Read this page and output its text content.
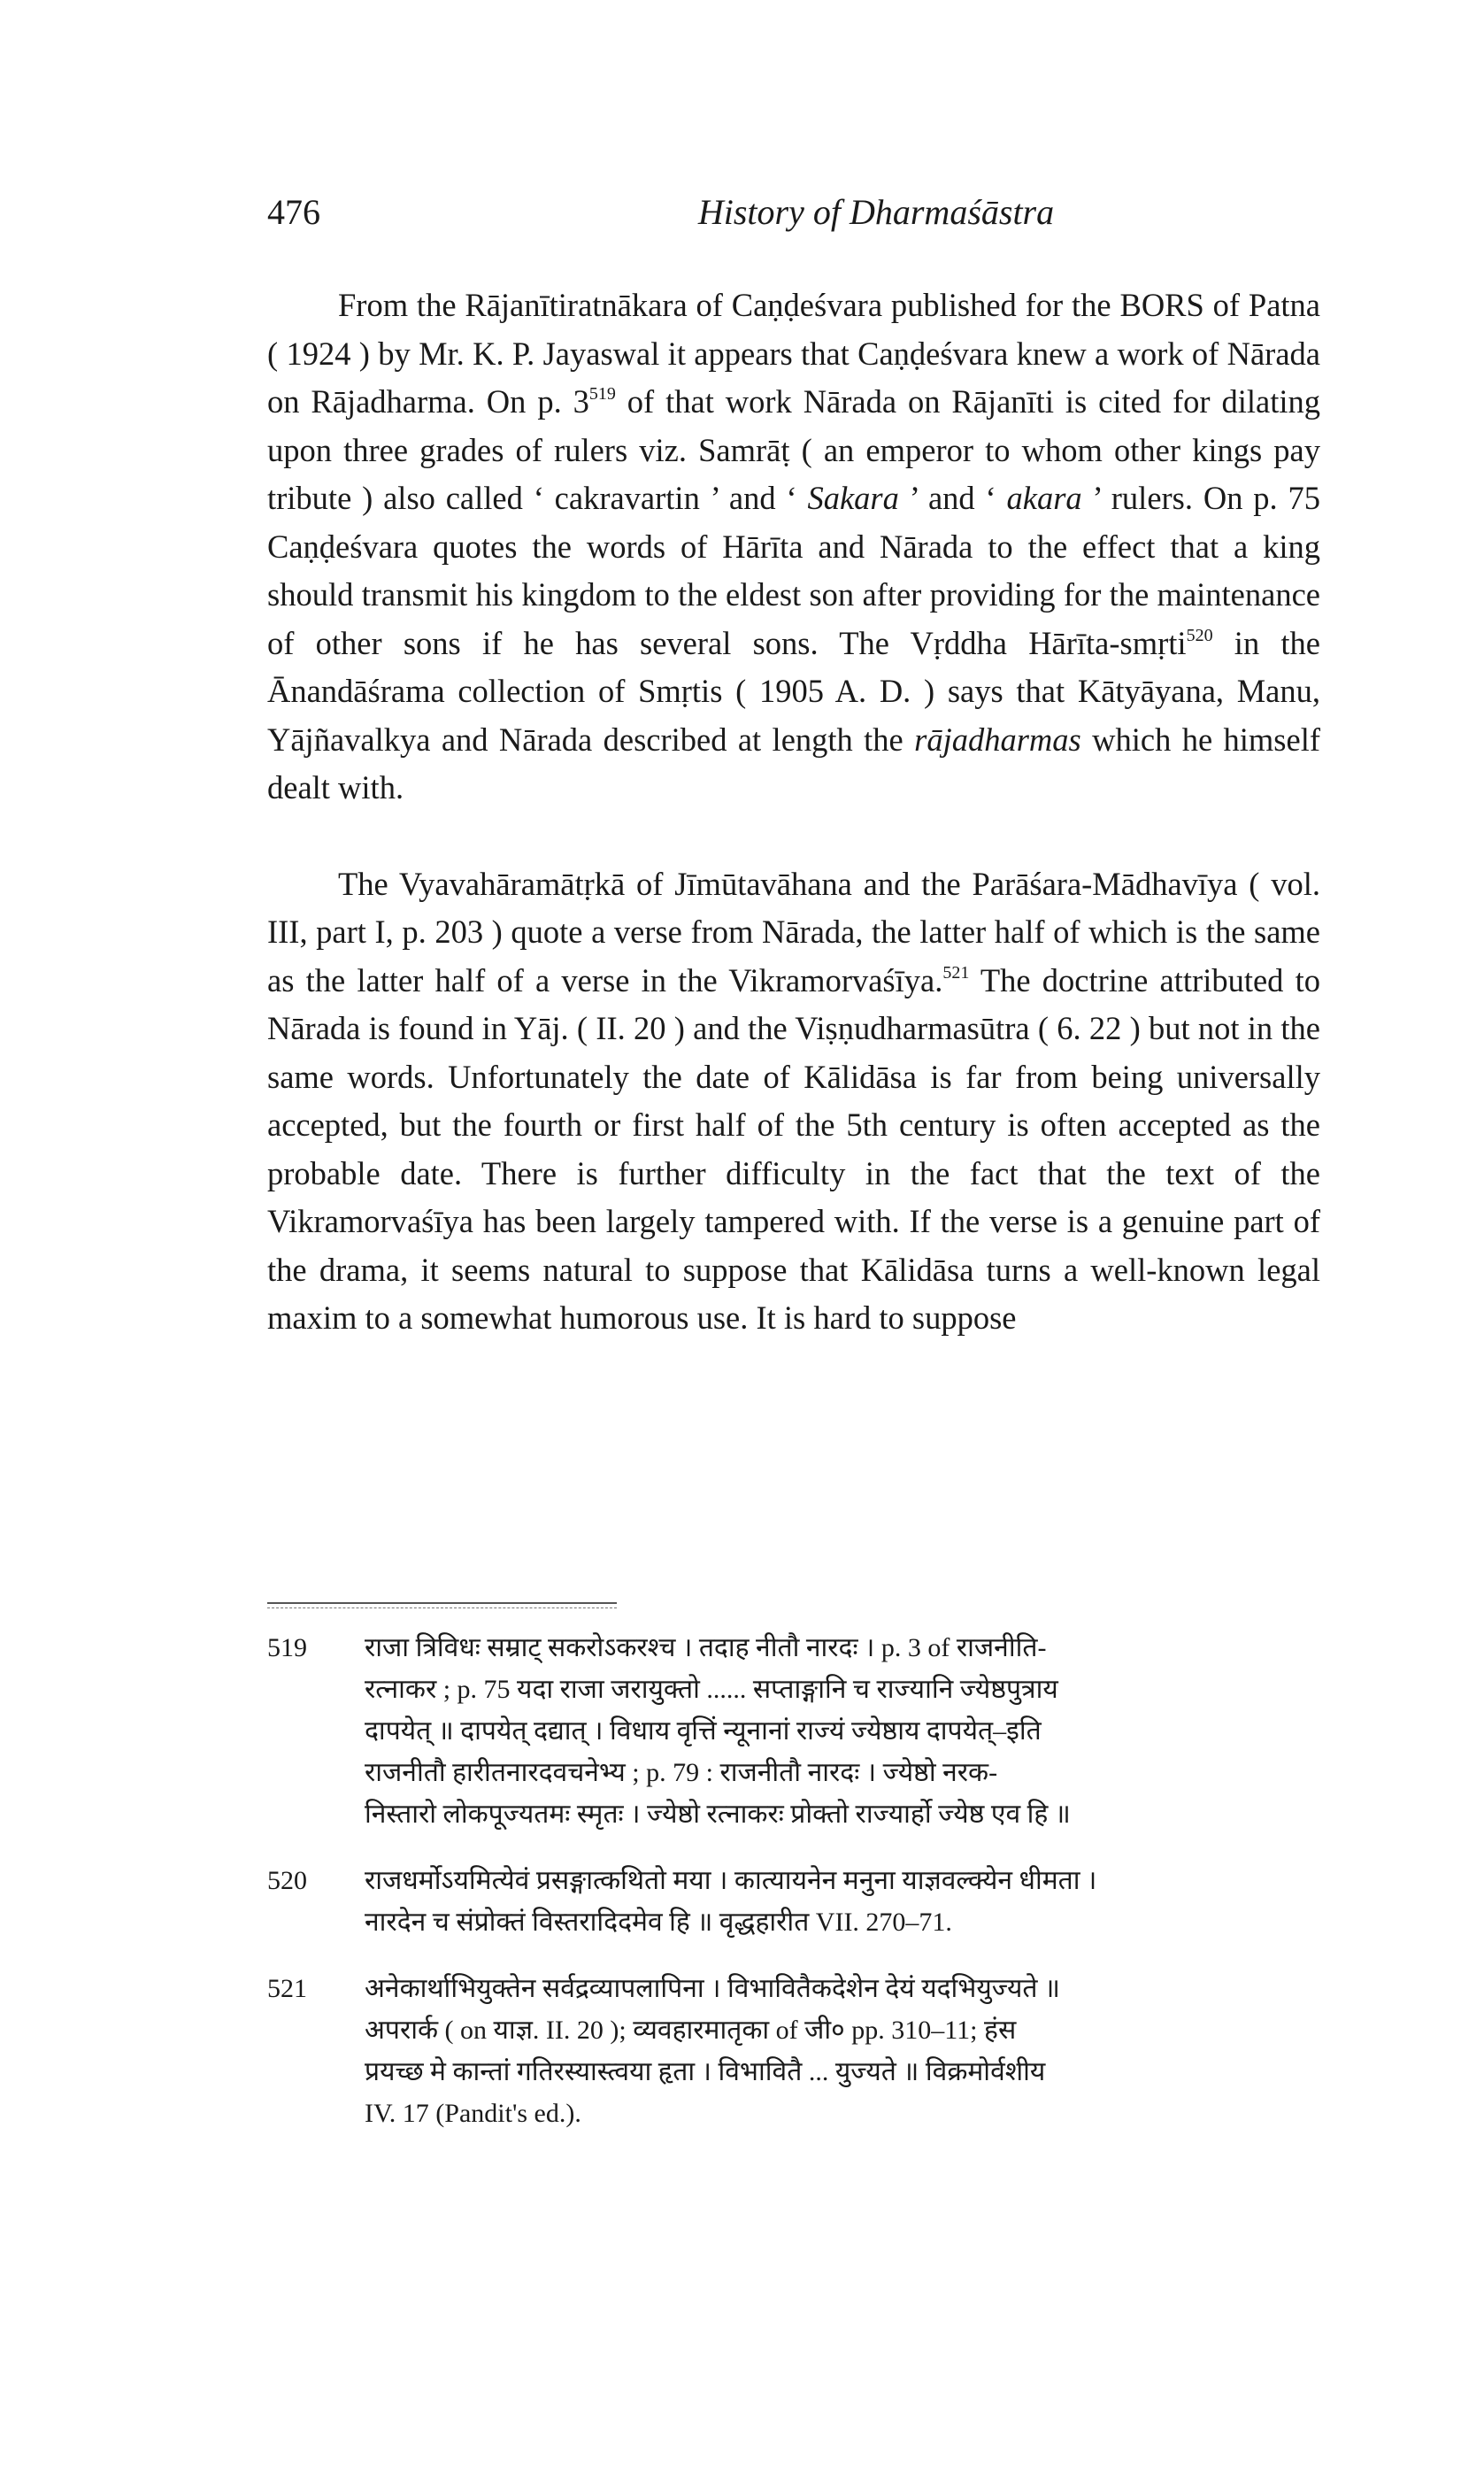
476	History of Dharmaśāstra

From the Rājanītiratnākara of Caṇḍeśvara published for the BORS of Patna ( 1924 ) by Mr. K. P. Jayaswal it appears that Caṇḍeśvara knew a work of Nārada on Rājadharma. On p. $3^{519}$ of that work Nārada on Rājanīti is cited for dilating upon three grades of rulers viz. Samrāṭ ( an emperor to whom other kings pay tribute ) also called ‘ cakravartin ’ and ‘ Sakara ’ and ‘ akara ’ rulers. On p. 75 Caṇḍeśvara quotes the words of Hārīta and Nārada to the effect that a king should transmit his kingdom to the eldest son after providing for the maintenance of other sons if he has several sons. The Vṛddha Hārīta-smṛti$^{520}$ in the Ānandāśrama collection of Smṛtis ( 1905 A. D. ) says that Kātyāyana, Manu, Yājñavalkya and Nārada described at length the rājadharmas which he himself dealt with.

The Vyavahāramātṛkā of Jīmūtavāhana and the Parāśara-Mādhavīya ( vol. III, part I, p. 203 ) quote a verse from Nārada, the latter half of which is the same as the latter half of a verse in the Vikramorvaśīya.$^{521}$ The doctrine attributed to Nārada is found in Yāj. ( II. 20 ) and the Viṣṇudharmasūtra ( 6. 22 ) but not in the same words. Unfortunately the date of Kālidāsa is far from being universally accepted, but the fourth or first half of the 5th century is often accepted as the probable date. There is further difficulty in the fact that the text of the Vikramorvaśīya has been largely tampered with. If the verse is a genuine part of the drama, it seems natural to suppose that Kālidāsa turns a well-known legal maxim to a somewhat humorous use. It is hard to suppose

519 राजा त्रिविधः सम्राट् सकरोऽकरश्च । तदाह नीतौ नारदः । p. 3 of राजनीति-
रत्नाकर ; p. 75 यदा राजा जरायुक्तो ...... सप्ताङ्गानि च राज्यानि ज्येष्ठपुत्राय
दापयेत् ॥ दापयेत् दद्यात् । विधाय वृत्तिं न्यूनानां राज्यं ज्येष्ठाय दापयेत्–इति
राजनीतौ हारीतनारदवचनेभ्य ; p. 79 : राजनीतौ नारदः । ज्येष्ठो नरक-
निस्तारो लोकपूज्यतमः स्मृतः । ज्येष्ठो रत्नाकरः प्रोक्तो राज्यार्हो ज्येष्ठ एव हि ॥
520 राजधर्मोऽयमित्येवं प्रसङ्गात्कथितो मया । कात्यायनेन मनुना याज्ञवल्क्येन धीमता ।
नारदेन च संप्रोक्तं विस्तरादिदमेव हि ॥ वृद्धहारीत VII. 270–71.
521 अनेकार्थाभियुक्तेन सर्वद्रव्यापलापिना । विभावितैकदेशेन देयं यदभियुज्यते ॥
अपरार्क ( on याज्ञ. II. 20 ); व्यवहारमातृका of जी० pp. 310–11; हंस
प्रयच्छ मे कान्तां गतिरस्यास्त्वया हृता । विभावितै ... युज्यते ॥ विक्रमोर्वशीय
IV. 17 (Pandit's ed.).
